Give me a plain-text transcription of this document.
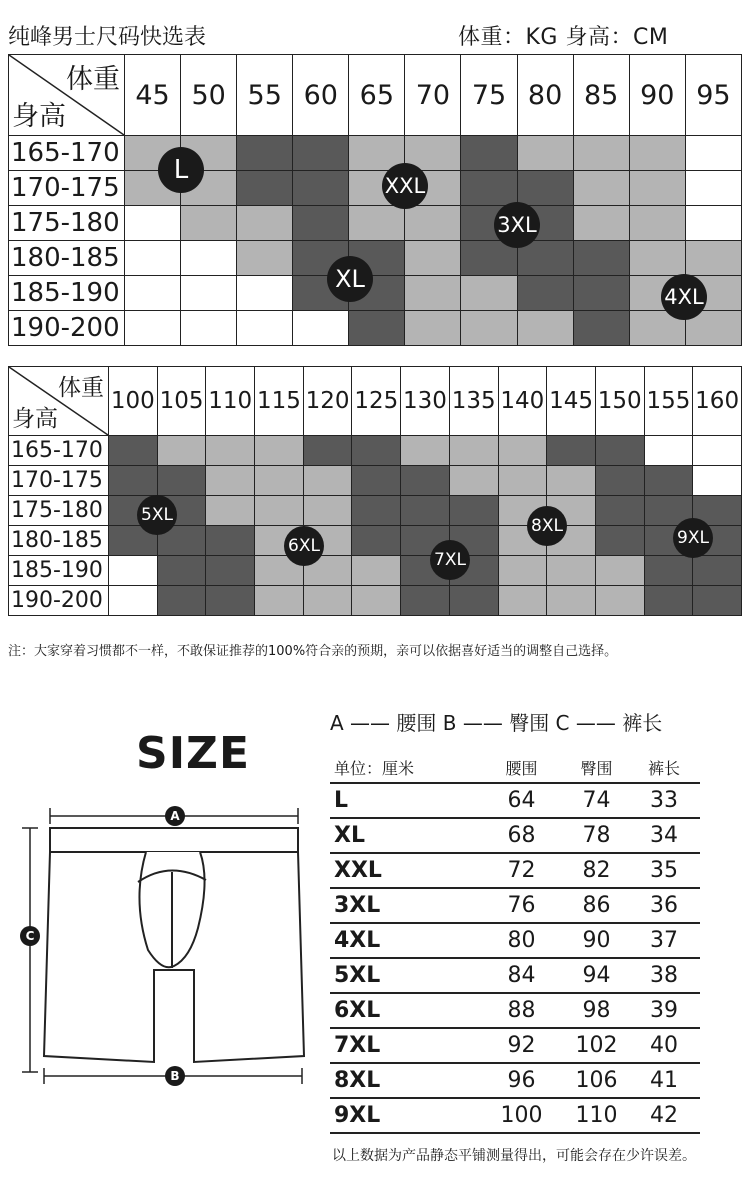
纯峰男士尺码快选表	体重：KG 身高：CM
体重
身高	45	50	55	60	65	70	75	80	85	90	95
165-170											
170-175											
175-180											
180-185											
185-190											
190-200											
体重
身高	100	105	110	115	120	125	130	135	140	145	150	155	160
165-170													
170-175													
175-180													
180-185													
185-190													
190-200													
L
XXL
3XL
XL
4XL
5XL
6XL
7XL
8XL
9XL
注：大家穿着习惯都不一样，不敢保证推荐的100%符合亲的预期，亲可以依据喜好适当的调整自己选择。
SIZE
A
C
B
A —— 腰围 B —— 臀围 C —— 裤长
单位：厘米	腰围	臀围	裤长
L	64	74	33
XL	68	78	34
XXL	72	82	35
3XL	76	86	36
4XL	80	90	37
5XL	84	94	38
6XL	88	98	39
7XL	92	102	40
8XL	96	106	41
9XL	100	110	42
以上数据为产品静态平铺测量得出，可能会存在少许误差。
